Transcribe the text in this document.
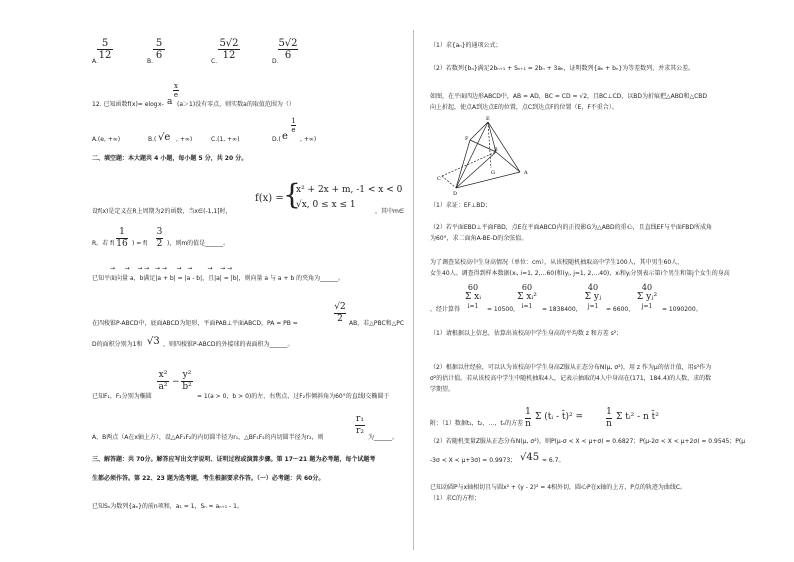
A.
5
12
B.
5
6
C.
5√2
12
D.
5√2
6
x
e
12. 已知函数f(x)= elog x- a (a＞1)没有零点，则实数a的取值范围为（）
A.(e, +∞)	B.( √e , +∞)	C.(1, +∞)	D.( e
1
e
, +∞)
二、填空题：本大题共 4 小题，每小题 5 分，共 20 分。
f(x) = {
x² + 2x + m, -1 < x < 0
√x, 0 ≤ x ≤ 1
设f(x)是定义在R上周期为2的函数，当x∈(-1,1]时，	，其中m∈
R。若 f(
1
16 ) = f(
3
2 )，则m的值是______。
→     →    → →   → →     →   →        →    → →
已知平面向量 a，b满足|a + b| = |a - b|，且|a| = |b|，则向量 a 与 a + b 的夹角为______。
在四棱锥P-ABCD中，底面ABCD为矩形，平面PAB⊥平面ABCD，PA = PB =
√2
2	AB，若△PBC和△PC
D的面积分别为1和 √3 ，则四棱锥P-ABCD的外接球的表面积为______。
x²
a² −
y²
b²
已知F₁，F₂分别为椭圆	= 1(a > 0，b > 0)的左、右焦点，过F₂作倾斜角为60°的直线l交椭圆于
A，B两点（A在x轴上方），设△AF₁F₂的内切圆半径为r₁，△BF₁F₂的内切圆半径为r₂，则
r₁
r₂
为______。
三、解答题：共 70分。解答应写出文字说明、证明过程或演算步骤。第 17～21 题为必考题，每个试题考
生都必须作答。第 22、23 题为选考题，考生根据要求作答。（一）必考题：共 60分。
已知Sₙ为数列{aₙ}的前n项和，a₁ = 1，Sₙ = aₙ₊₁ - 1。
（1）求{aₙ}的通项公式；
（2）若数列{bₙ}满足2bₙ₊₁ + Sₙ₊₁ = 2bₙ + 3aₙ，证明数列{aₙ + bₙ}为等差数列，并求其公差。
如图，在平面四边形ABCD中，AB = AD，BC = CD = √2，且BC⊥CD，以BD为折痕把△ABD和△CBD
向上折起，使点A到达点E的位置，点C到达点F的位置（E，F不重合）。
E
F
B
G	A
C
D
（1）求证：EF⊥BD；
（2）若平面EBD⊥平面FBD，点E在平面ABCD内的正投影G为△ABD的重心，且直线EF与平面FBD所成角
为60°，求二面角A-BE-D的余弦值。
为了调查某校高中生身高情况（单位：cm），从该校随机抽取高中学生100人，其中男生60人，
女生40人。调查得到样本数据(xᵢ, i=1, 2,…60)和(yⱼ, j=1, 2,…40)，xᵢ和yⱼ分别表示第i个男生和第j个女生的身高
，经计算得
60
Σ xᵢ
i=1	= 10500，
60
Σ xᵢ²
i=1	= 1838400，
40
Σ yⱼ
j=1	= 6600，
40
Σ yⱼ²
j=1	= 1090200。
（1）请根据以上信息，估算出该校高中学生身高的平均数 z 和方差 s²；
（2）根据以往经验，可以认为该校高中学生身高Z服从正态分布N(μ, σ²)，用 z 作为μ的估计值，用s²作为
σ²的估计值。若从该校高中学生中随机抽取4人，记表示抽取的4人中身高在(171，184.4)的人数，求的数
学期望。
附：（1）数据t₁，t₂，…，tₙ的方差
1
n
Σ (tᵢ - t̄)² =	1
n
Σ tᵢ² - n t̄²
（2）若随机变量Z服从正态分布N(μ, σ²)，则P(μ-σ < X < μ+σ) = 0.6827；P(μ-2σ < X < μ+2σ) = 0.9545；P(μ
-3σ < X < μ+3σ) = 0.9973； √45 ≈ 6.7。
已知动圆P与x轴相切且与圆x² + (y - 2)² = 4相外切，圆心P在x轴的上方，P点的轨迹为曲线C。
（1）求C的方程；
